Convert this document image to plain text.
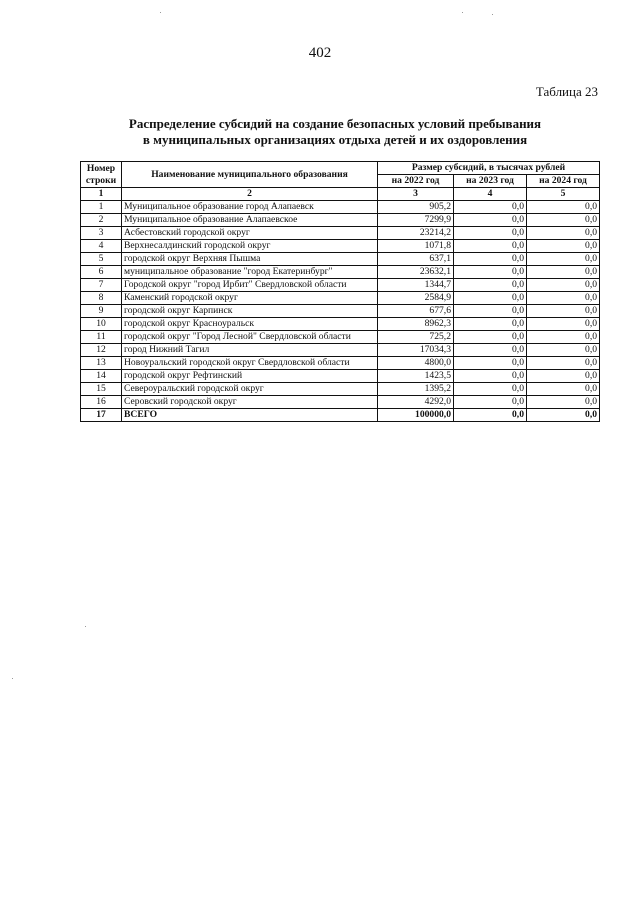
402
Таблица 23
Распределение субсидий на создание безопасных условий пребывания
в муниципальных организациях отдыха детей и их оздоровления
Номер строки	Наименование муниципального образования	Размер субсидий, в тысячах рублей		
		на 2022 год	на 2023 год	на 2024 год
1	2	3	4	5
1	Муниципальное образование город Алапаевск	905,2	0,0	0,0
2	Муниципальное образование Алапаевское	7299,9	0,0	0,0
3	Асбестовский городской округ	23214,2	0,0	0,0
4	Верхнесалдинский городской округ	1071,8	0,0	0,0
5	городской округ Верхняя Пышма	637,1	0,0	0,0
6	муниципальное образование "город Екатеринбург"	23632,1	0,0	0,0
7	Городской округ "город Ирбит" Свердловской области	1344,7	0,0	0,0
8	Каменский городской округ	2584,9	0,0	0,0
9	городской округ Карпинск	677,6	0,0	0,0
10	городской округ Красноуральск	8962,3	0,0	0,0
11	городской округ "Город Лесной" Свердловской области	725,2	0,0	0,0
12	город Нижний Тагил	17034,3	0,0	0,0
13	Новоуральский городской округ Свердловской области	4800,0	0,0	0,0
14	городской округ Рефтинский	1423,5	0,0	0,0
15	Североуральский городской округ	1395,2	0,0	0,0
16	Серовский городской округ	4292,0	0,0	0,0
17	ВСЕГО	100000,0	0,0	0,0
